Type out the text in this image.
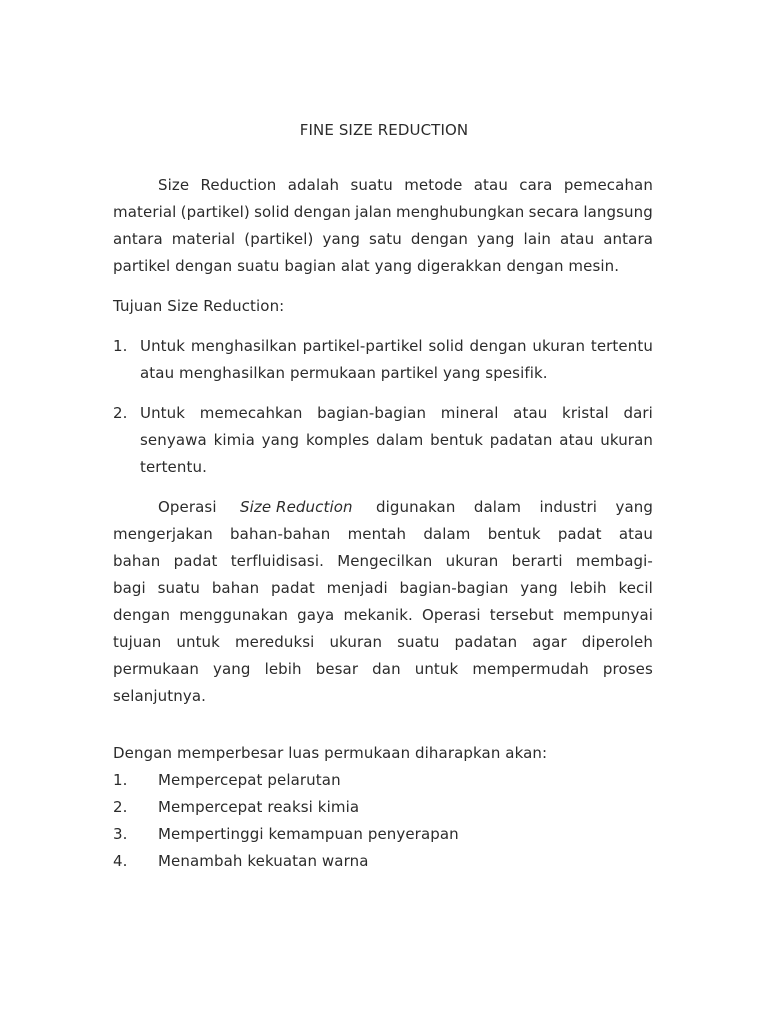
FINE SIZE REDUCTION
Size Reduction adalah suatu metode atau cara pemecahan
material (partikel) solid dengan jalan menghubungkan secara langsung
antara material (partikel) yang satu dengan yang lain atau antara
partikel dengan suatu bagian alat yang digerakkan dengan mesin.
Tujuan Size Reduction:
1. Untuk menghasilkan partikel-partikel solid dengan ukuran tertentu
atau menghasilkan permukaan partikel yang spesifik.
2. Untuk memecahkan bagian-bagian mineral atau kristal dari
senyawa kimia yang komples dalam bentuk padatan atau ukuran
tertentu.
Operasi Size Reduction digunakan dalam industri yang
mengerjakan bahan-bahan mentah dalam bentuk padat atau
bahan padat terfluidisasi. Mengecilkan ukuran berarti membagi-
bagi suatu bahan padat menjadi bagian-bagian yang lebih kecil
dengan menggunakan gaya mekanik. Operasi tersebut mempunyai
tujuan untuk mereduksi ukuran suatu padatan agar diperoleh
permukaan yang lebih besar dan untuk mempermudah proses
selanjutnya.
Dengan memperbesar luas permukaan diharapkan akan:
1. Mempercepat pelarutan
2. Mempercepat reaksi kimia
3. Mempertinggi kemampuan penyerapan
4. Menambah kekuatan warna
